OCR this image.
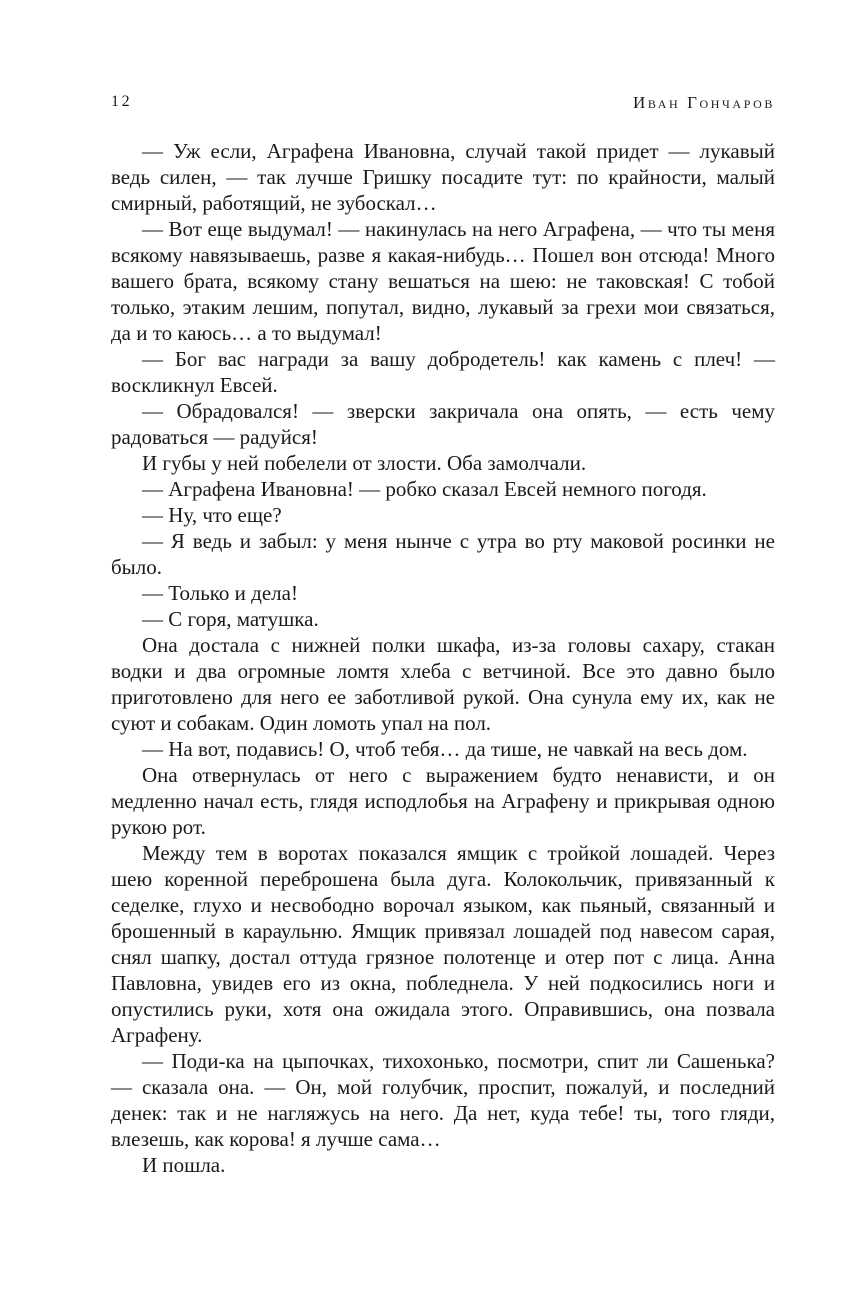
12	Иван Гончаров

— Уж если, Аграфена Ивановна, случай такой придет — лукавый ведь силен, — так лучше Гришку посадите тут: по крайности, малый смирный, работящий, не зубоскал…

— Вот еще выдумал! — накинулась на него Аграфена, — что ты меня всякому навязываешь, разве я какая-нибудь… Пошел вон отсюда! Много вашего брата, всякому стану вешаться на шею: не таковская! С тобой только, этаким лешим, попутал, видно, лукавый за грехи мои связаться, да и то каюсь… а то выдумал!

— Бог вас награди за вашу добродетель! как камень с плеч! — воскликнул Евсей.

— Обрадовался! — зверски закричала она опять, — есть чему радоваться — радуйся!

И губы у ней побелели от злости. Оба замолчали.

— Аграфена Ивановна! — робко сказал Евсей немного погодя.

— Ну, что еще?

— Я ведь и забыл: у меня нынче с утра во рту маковой росинки не было.

— Только и дела!

— С горя, матушка.

Она достала с нижней полки шкафа, из-за головы сахару, стакан водки и два огромные ломтя хлеба с ветчиной. Все это давно было приготовлено для него ее заботливой рукой. Она сунула ему их, как не суют и собакам. Один ломоть упал на пол.

— На вот, подавись! О, чтоб тебя… да тише, не чавкай на весь дом.

Она отвернулась от него с выражением будто ненависти, и он медленно начал есть, глядя исподлобья на Аграфену и прикрывая одною рукою рот.

Между тем в воротах показался ямщик с тройкой лошадей. Через шею коренной переброшена была дуга. Колокольчик, привязанный к седелке, глухо и несвободно ворочал языком, как пьяный, связанный и брошенный в караульню. Ямщик привязал лошадей под навесом сарая, снял шапку, достал оттуда грязное полотенце и отер пот с лица. Анна Павловна, увидев его из окна, побледнела. У ней подкосились ноги и опустились руки, хотя она ожидала этого. Оправившись, она позвала Аграфену.

— Поди-ка на цыпочках, тихохонько, посмотри, спит ли Сашенька? — сказала она. — Он, мой голубчик, проспит, пожалуй, и последний денек: так и не нагляжусь на него. Да нет, куда тебе! ты, того гляди, влезешь, как корова! я лучше сама…

И пошла.
